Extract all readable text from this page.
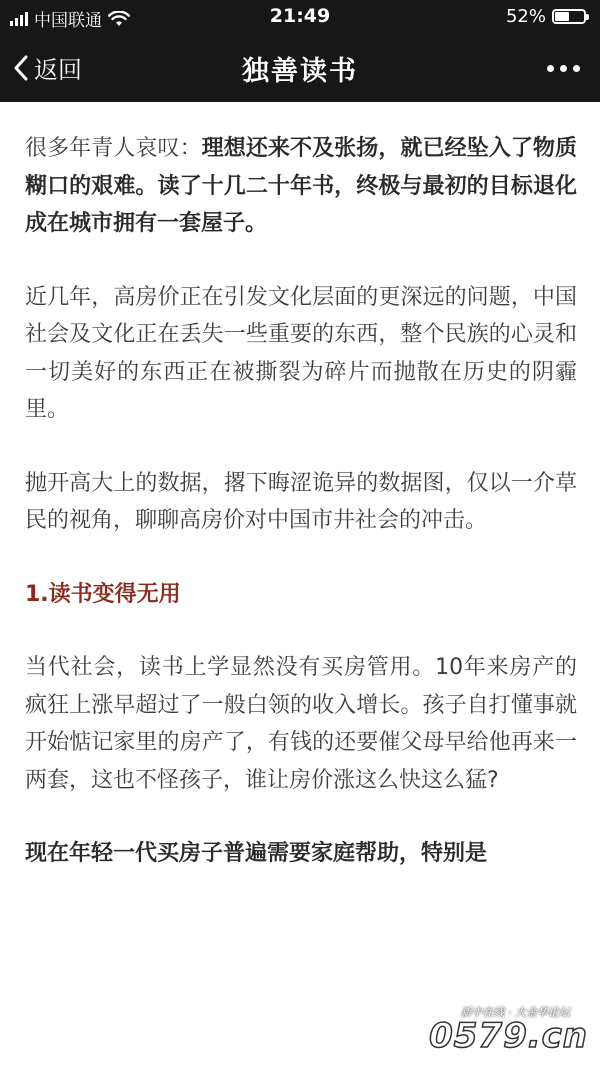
中国联通	21:49	52%
返回	独善读书

很多年青人哀叹：理想还来不及张扬，就已经坠入了物质糊口的艰难。读了十几二十年书，终极与最初的目标退化成在城市拥有一套屋子。

近几年，高房价正在引发文化层面的更深远的问题，中国社会及文化正在丢失一些重要的东西，整个民族的心灵和一切美好的东西正在被撕裂为碎片而抛散在历史的阴霾里。

抛开高大上的数据，撂下晦涩诡异的数据图，仅以一介草民的视角，聊聊高房价对中国市井社会的冲击。

1.读书变得无用

当代社会，读书上学显然没有买房管用。10年来房产的疯狂上涨早超过了一般白领的收入增长。孩子自打懂事就开始惦记家里的房产了，有钱的还要催父母早给他再来一两套，这也不怪孩子，谁让房价涨这么快这么猛?

现在年轻一代买房子普遍需要家庭帮助，特别是

新中在线 · 大金华论坛
0579.cn
